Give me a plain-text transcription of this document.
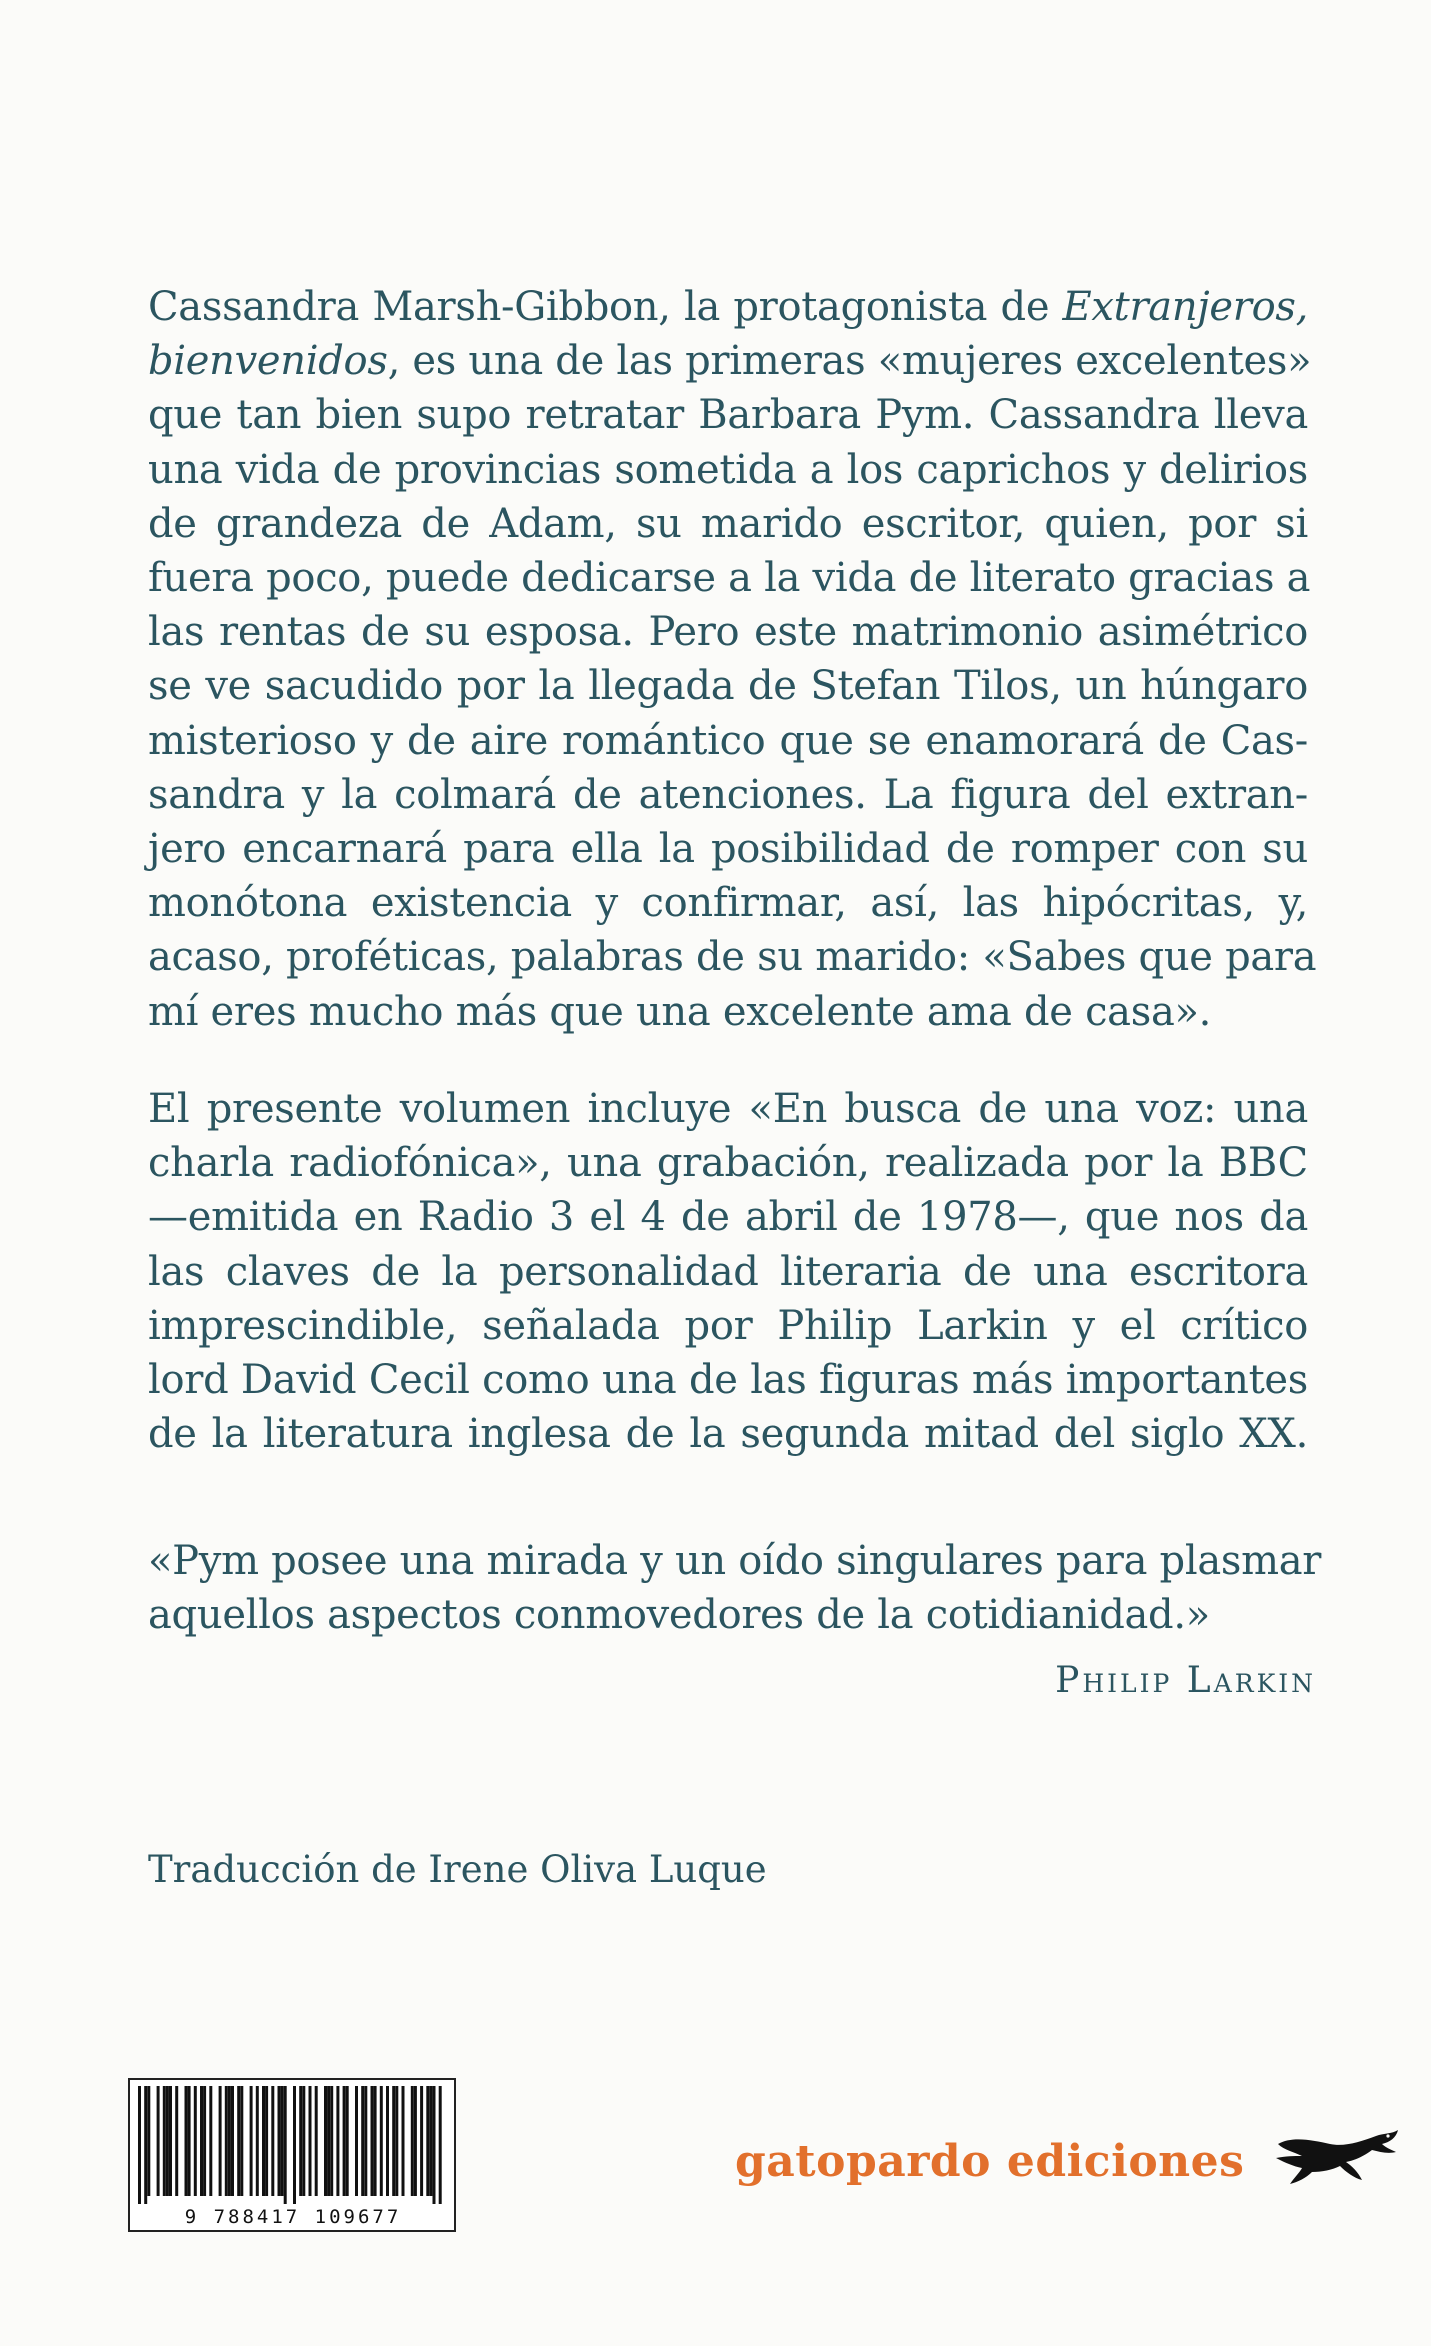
Cassandra Marsh-Gibbon, la protagonista de Extranjeros,
bienvenidos, es una de las primeras «mujeres excelentes»
que tan bien supo retratar Barbara Pym. Cassandra lleva
una vida de provincias sometida a los caprichos y delirios
de grandeza de Adam, su marido escritor, quien, por si
fuera poco, puede dedicarse a la vida de literato gracias a
las rentas de su esposa. Pero este matrimonio asimétrico
se ve sacudido por la llegada de Stefan Tilos, un húngaro
misterioso y de aire romántico que se enamorará de Cas-
sandra y la colmará de atenciones. La figura del extran-
jero encarnará para ella la posibilidad de romper con su
monótona existencia y confirmar, así, las hipócritas, y,
acaso, proféticas, palabras de su marido: «Sabes que para
mí eres mucho más que una excelente ama de casa».
El presente volumen incluye «En busca de una voz: una
charla radiofónica», una grabación, realizada por la BBC
—emitida en Radio 3 el 4 de abril de 1978—, que nos da
las claves de la personalidad literaria de una escritora
imprescindible, señalada por Philip Larkin y el crítico
lord David Cecil como una de las figuras más importantes
de la literatura inglesa de la segunda mitad del siglo XX.
«Pym posee una mirada y un oído singulares para plasmar
aquellos aspectos conmovedores de la cotidianidad.»
Philip Larkin
Traducción de Irene Oliva Luque
9 788417 109677
gatopardo ediciones
